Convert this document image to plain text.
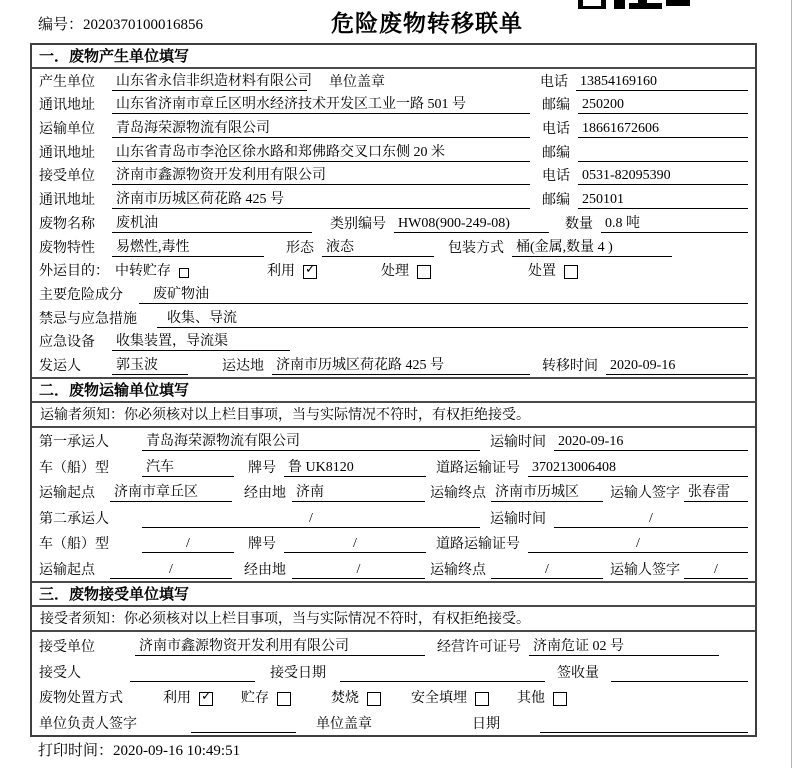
编号：2020370100016856	危险废物转移联单
一．废物产生单位填写
产生单位	山东省永信非织造材料有限公司 单位盖章	电话 13854169160
通讯地址	山东省济南市章丘区明水经济技术开发区工业一路 501 号	邮编 250200
运输单位	青岛海荣源物流有限公司	电话 18661672606
通讯地址	山东省青岛市李沧区徐水路和郑佛路交叉口东侧 20 米	邮编
接受单位	济南市鑫源物资开发利用有限公司	电话 0531-82095390
通讯地址	济南市历城区荷花路 425 号	邮编 250101
废物名称	废机油	类别编号 HW08(900-249-08)	数量 0.8 吨
废物特性	易燃性,毒性	形态 液态	包装方式 桶(金属,数量 4 )
外运目的： 中转贮存	利用 ✓	处理	处置
主要危险成分	废矿物油
禁忌与应急措施	收集、导流
应急设备	收集装置，导流渠
发运人	郭玉波	运达地 济南市历城区荷花路 425 号	转移时间 2020-09-16
二．废物运输单位填写
运输者须知：你必须核对以上栏目事项，当与实际情况不符时，有权拒绝接受。
第一承运人	青岛海荣源物流有限公司	运输时间 2020-09-16
车（船）型	汽车	牌号 鲁 UK8120	道路运输证号 370213006408
运输起点	济南市章丘区	经由地 济南	运输终点 济南市历城区	运输人签字 张春雷
第二承运人	/	运输时间	/
车（船）型	/	牌号	/	道路运输证号	/
运输起点	/	经由地	/	运输终点	/	运输人签字	/
三．废物接受单位填写
接受者须知：你必须核对以上栏目事项，当与实际情况不符时，有权拒绝接受。
接受单位	济南市鑫源物资开发利用有限公司	经营许可证号 济南危证 02 号
接受人	接受日期	签收量
废物处置方式	利用 ✓	贮存	焚烧	安全填埋	其他
单位负责人签字	单位盖章	日期
打印时间：2020-09-16 10:49:51
